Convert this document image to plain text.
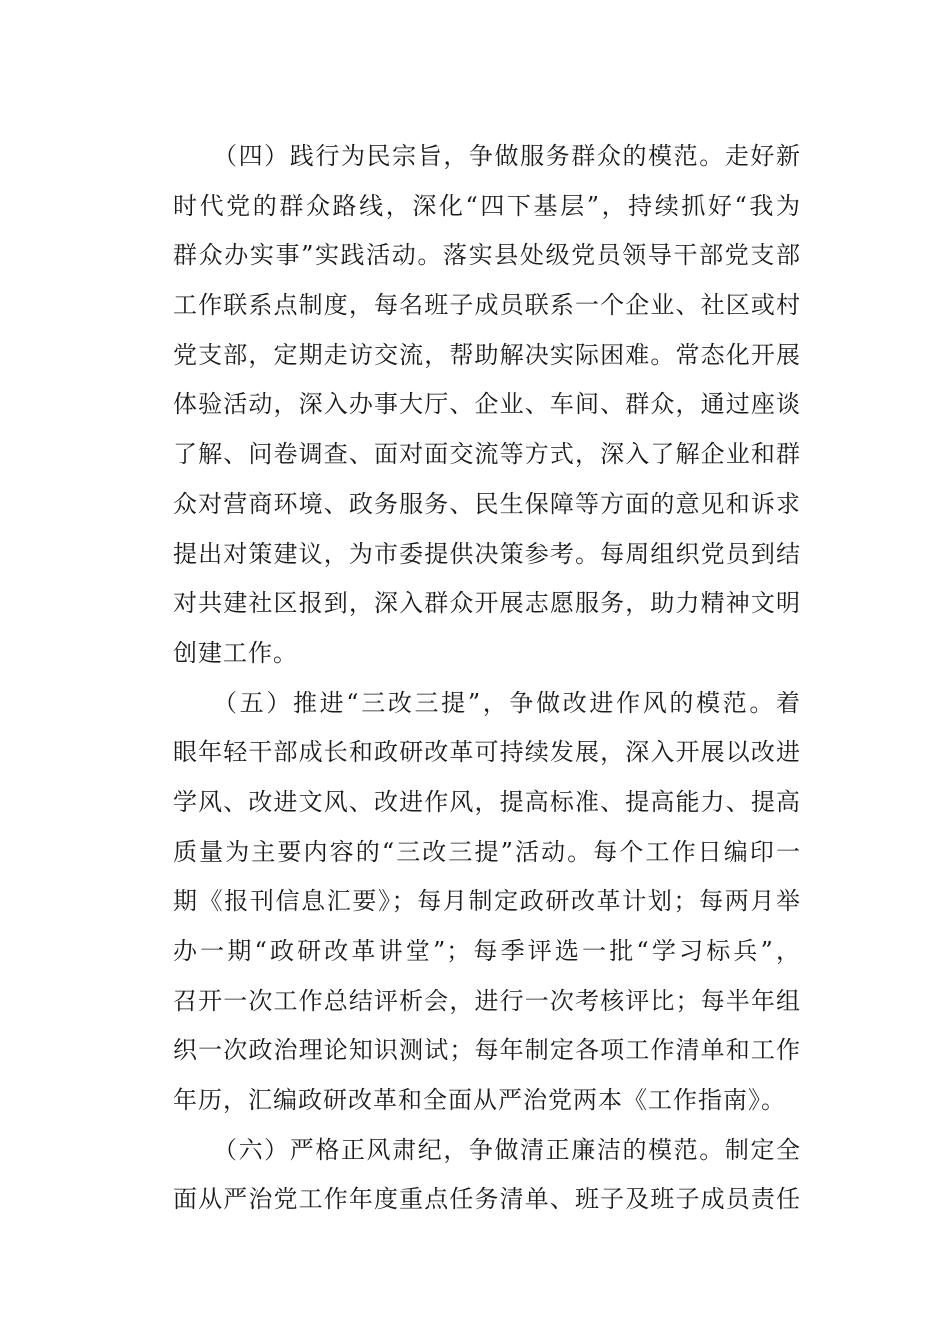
（四）践行为民宗旨，争做服务群众的模范。走好新
时代党的群众路线，深化“四下基层”，持续抓好“我为
群众办实事”实践活动。落实县处级党员领导干部党支部
工作联系点制度，每名班子成员联系一个企业、社区或村
党支部，定期走访交流，帮助解决实际困难。常态化开展
体验活动，深入办事大厅、企业、车间、群众，通过座谈
了解、问卷调查、面对面交流等方式，深入了解企业和群
众对营商环境、政务服务、民生保障等方面的意见和诉求
提出对策建议，为市委提供决策参考。每周组织党员到结
对共建社区报到，深入群众开展志愿服务，助力精神文明
创建工作。
（五）推进“三改三提”，争做改进作风的模范。着
眼年轻干部成长和政研改革可持续发展，深入开展以改进
学风、改进文风、改进作风，提高标准、提高能力、提高
质量为主要内容的“三改三提”活动。每个工作日编印一
期《报刊信息汇要》；每月制定政研改革计划；每两月举
办一期“政研改革讲堂”；每季评选一批“学习标兵”，
召开一次工作总结评析会，进行一次考核评比；每半年组
织一次政治理论知识测试；每年制定各项工作清单和工作
年历，汇编政研改革和全面从严治党两本《工作指南》。
（六）严格正风肃纪，争做清正廉洁的模范。制定全
面从严治党工作年度重点任务清单、班子及班子成员责任
